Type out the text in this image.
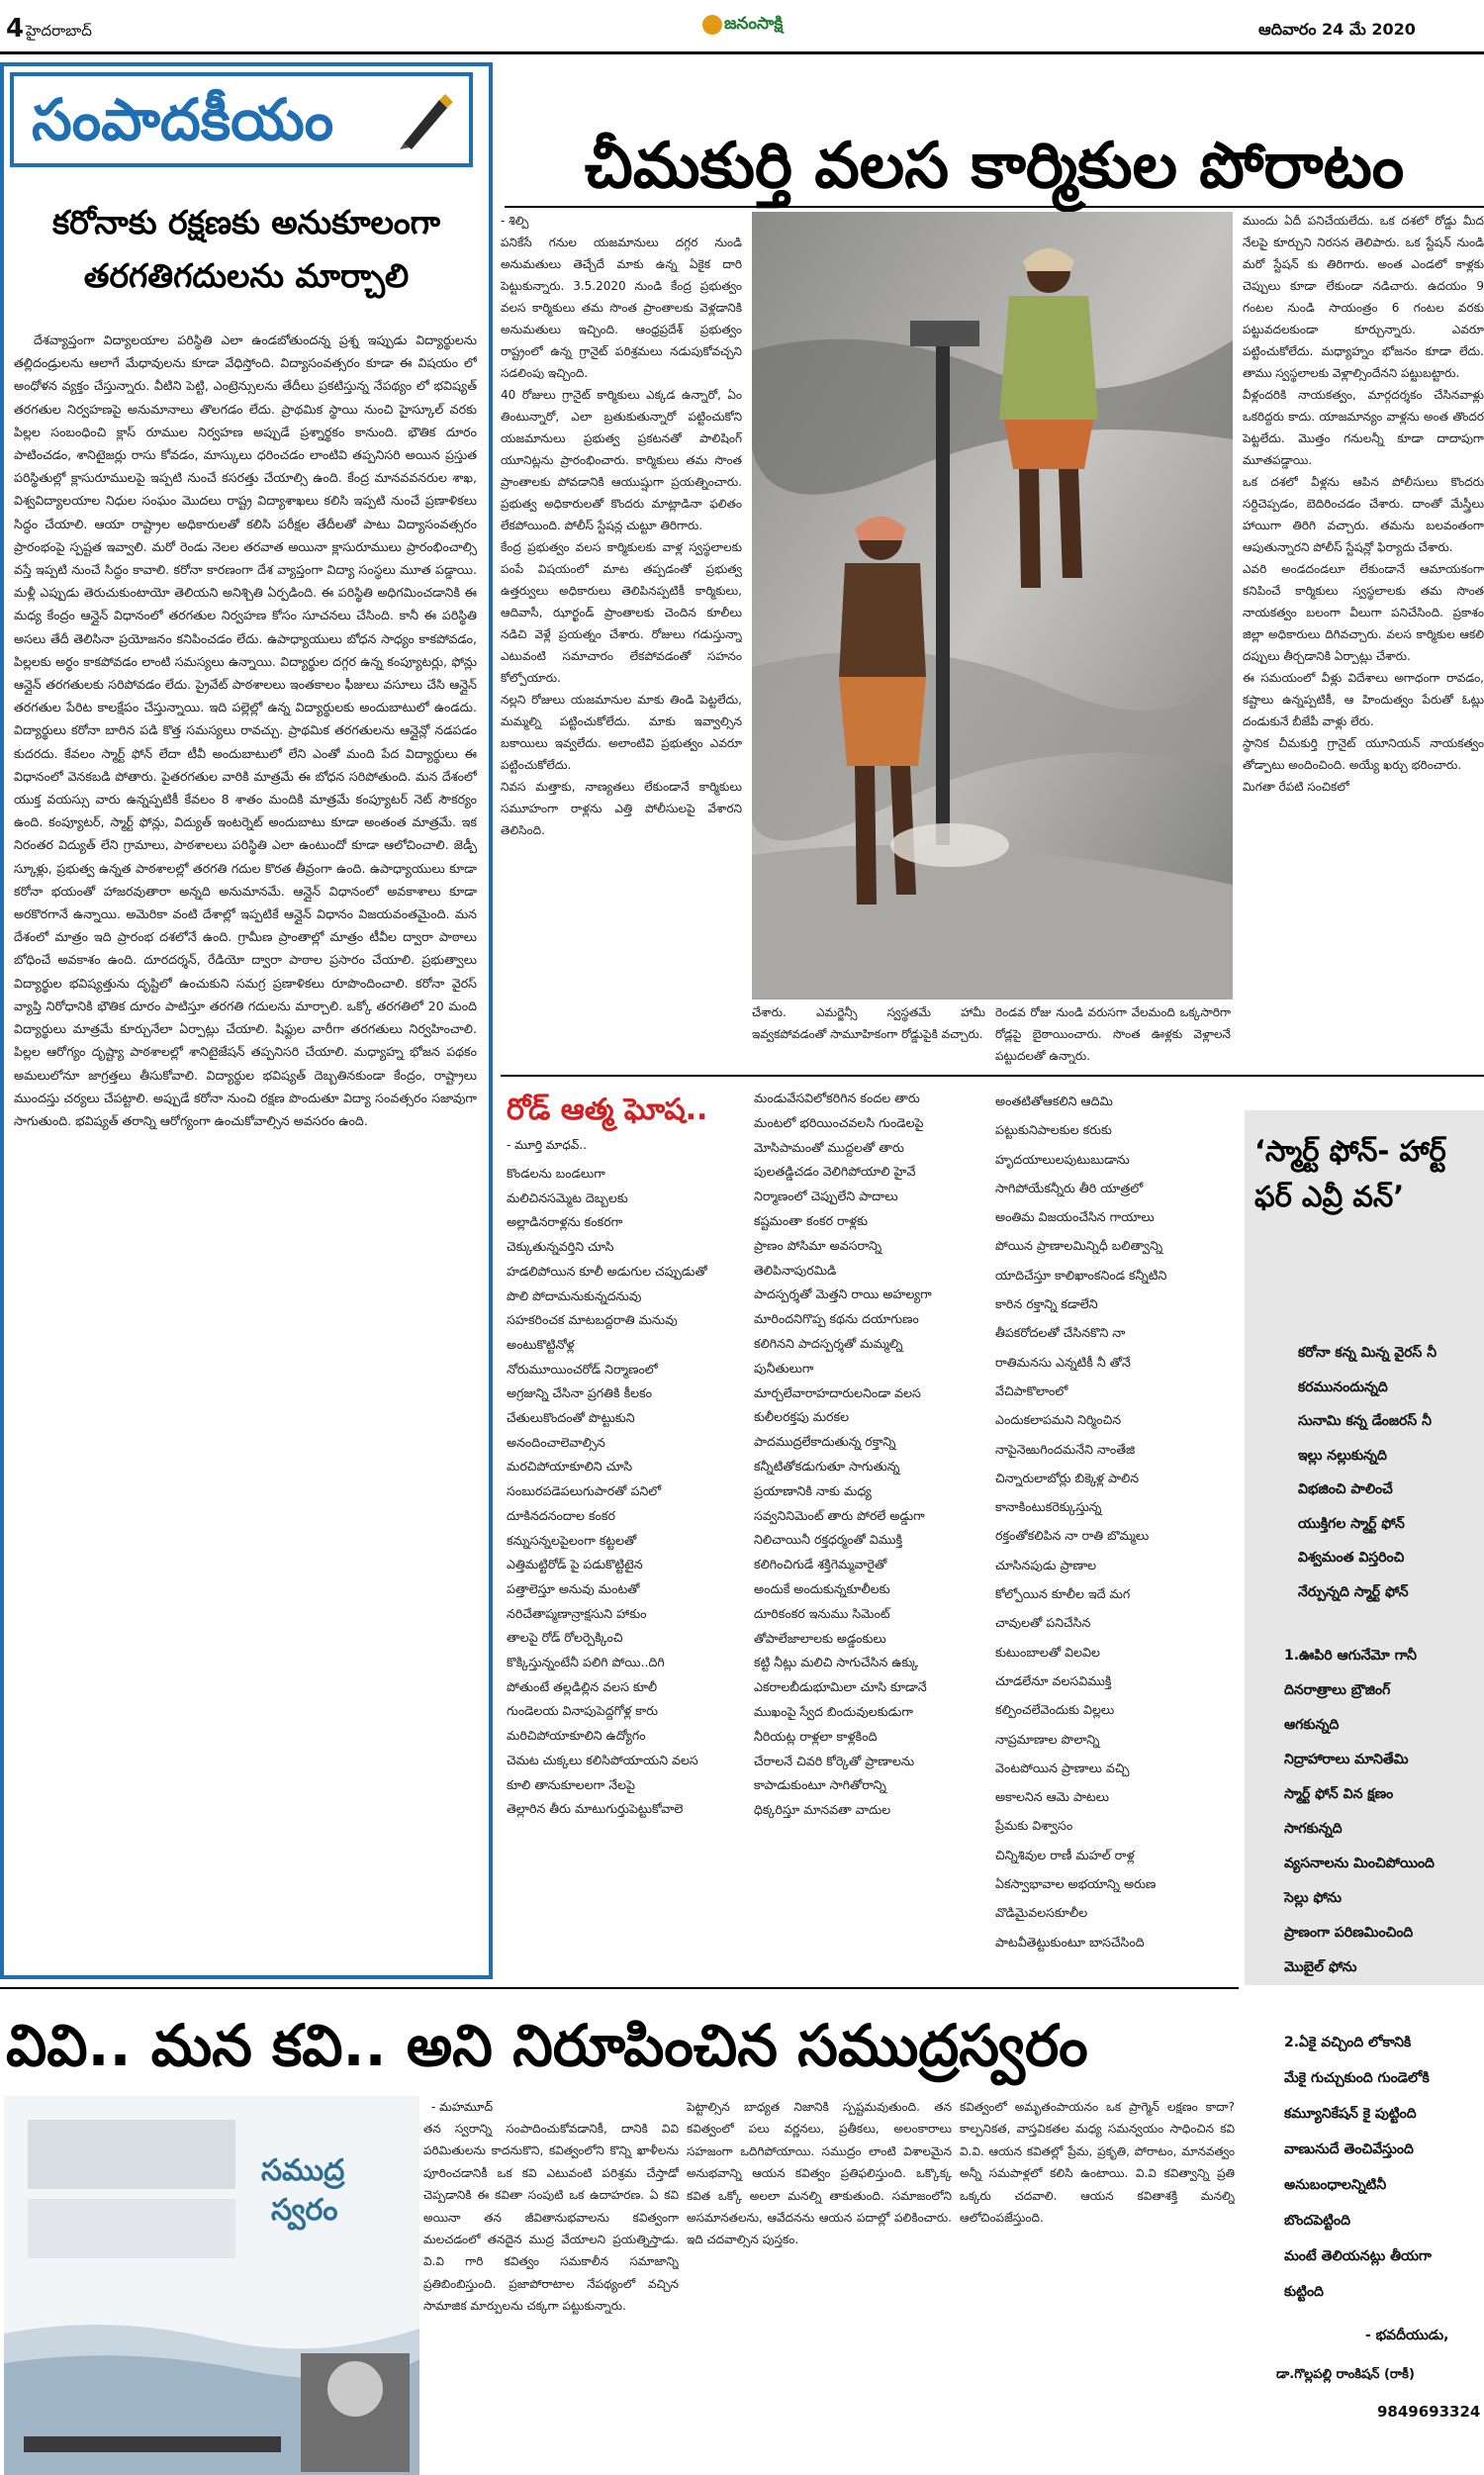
4 హైదరాబాద్	జనంసాక్షి	ఆదివారం 24 మే 2020
సంపాదకీయం
కరోనాకు రక్షణకు అనుకూలంగా
తరగతిగదులను మార్చాలి
దేశవ్యాప్తంగా విద్యాలయాల పరిస్థితి ఎలా ఉండబోతుందన్న ప్రశ్న ఇప్పుడు విద్యార్థులను తల్లిదండ్రులను ఆలాగే మేధావులను కూడా వేధిస్తోంది. విద్యాసంవత్సరం కూడా ఈ విషయం లో అంధోళన వ్యక్తం చేస్తున్నారు. వీటిని పెట్టి, ఎంట్రెన్సులను తేదీలు ప్రకటిస్తున్న నేపథ్యం లో భవిష్యత్ తరగతుల నిర్వహణపై అనుమానాలు తొలగడం లేదు. ప్రాథమిక స్థాయి నుంచి హైస్కూల్ వరకు పిల్లల సంబంధించి క్లాస్ రూముల నిర్వహణ అప్పుడే ప్రశ్నార్థకం కానుంది. భౌతిక దూరం పాటించడం, శానిటైజర్లు రాసు కోవడం, మాస్కులు ధరించడం లాంటివి తప్పనిసరి అయిన ప్రస్తుత పరిస్థితుల్లో క్లాసురూములపై ఇప్పటి నుంచే కసరత్తు చేయాల్సి ఉంది. కేంద్ర మానవవనరుల శాఖ, విశ్వవిద్యాలయాల నిధుల సంఘం మొదలు రాష్ట్ర విద్యాశాఖలు కలిసి ఇప్పటి నుంచే ప్రణాళికలు సిద్ధం చేయాలి. ఆయా రాష్ట్రాల అధికారులతో కలిసి పరీక్షల తేదీలతో పాటు విద్యాసంవత్సరం ప్రారంభంపై స్పష్టత ఇవ్వాలి. మరో రెండు నెలల తరవాత అయినా క్లాసురూములు ప్రారంభించాల్సి వస్తే ఇప్పటి నుంచే సిద్ధం కావాలి. కరోనా కారణంగా దేశ వ్యాప్తంగా విద్యా సంస్థలు మూత పడ్డాయి. మళ్లీ ఎప్పుడు తెరుచుకుంటాయో తెలియని అనిశ్చితి ఏర్పడింది. ఈ పరిస్థితి అధిగమించడానికి ఈ మధ్య కేంద్రం ఆన్లైన్ విధానంలో తరగతుల నిర్వహణ కోసం సూచనలు చేసింది. కానీ ఈ పరిస్థితి అసలు తేదీ తెలిసినా ప్రయోజనం కనిపించడం లేదు. ఉపాధ్యాయులు బోధన సాధ్యం కాకపోవడం, పిల్లలకు అర్థం కాకపోవడం లాంటి సమస్యలు ఉన్నాయి. విద్యార్థుల దగ్గర ఉన్న కంప్యూటర్లు, ఫోన్లు ఆన్లైన్ తరగతులకు సరిపోవడం లేదు. ప్రైవేట్ పాఠశాలలు ఇంతకాలం ఫీజులు వసూలు చేసి ఆన్లైన్ తరగతుల పేరిట కాలక్షేపం చేస్తున్నాయి. ఇది పల్లెల్లో ఉన్న విద్యార్థులకు అందుబాటులో ఉండదు. విద్యార్థులు కరోనా బారిన పడి కొత్త సమస్యలు రావచ్చు. ప్రాథమిక తరగతులను ఆన్లైన్లో నడపడం కుదరదు. కేవలం స్మార్ట్ ఫోన్ లేదా టీవీ అందుబాటులో లేని ఎంతో మంది పేద విద్యార్థులు ఈ విధానంలో వెనకబడి పోతారు. పైతరగతుల వారికి మాత్రమే ఈ బోధన సరిపోతుంది. మన దేశంలో యుక్త వయస్సు వారు ఉన్నప్పటికీ కేవలం 8 శాతం మందికి మాత్రమే కంప్యూటర్ నెట్ సౌకర్యం ఉంది. కంప్యూటర్, స్మార్ట్ ఫోన్లు, విద్యుత్ ఇంటర్నెట్ అందుబాటు కూడా అంతంత మాత్రమే. ఇక నిరంతర విద్యుత్ లేని గ్రామాలు, పాఠశాలలు పరిస్థితి ఎలా ఉంటుందో కూడా ఆలోచించాలి. జెడ్పీ స్కూళ్లు, ప్రభుత్వ ఉన్నత పాఠశాలల్లో తరగతి గదుల కొరత తీవ్రంగా ఉంది. ఉపాధ్యాయులు కూడా కరోనా భయంతో హాజరవుతారా అన్నది అనుమానమే. ఆన్లైన్ విధానంలో అవకాశాలు కూడా అరకొరగానే ఉన్నాయి. అమెరికా వంటి దేశాల్లో ఇప్పటికే ఆన్లైన్ విధానం విజయవంతమైంది. మన దేశంలో మాత్రం ఇది ప్రారంభ దశలోనే ఉంది. గ్రామీణ ప్రాంతాల్లో మాత్రం టీవీల ద్వారా పాఠాలు బోధించే అవకాశం ఉంది. దూరదర్శన్, రేడియో ద్వారా పాఠాల ప్రసారం చేయాలి. ప్రభుత్వాలు విద్యార్థుల భవిష్యత్తును దృష్టిలో ఉంచుకుని సమగ్ర ప్రణాళికలు రూపొందించాలి. కరోనా వైరస్ వ్యాప్తి నిరోధానికి భౌతిక దూరం పాటిస్తూ తరగతి గదులను మార్చాలి. ఒక్కో తరగతిలో 20 మంది విద్యార్థులు మాత్రమే కూర్చునేలా ఏర్పాట్లు చేయాలి. షిఫ్టుల వారీగా తరగతులు నిర్వహించాలి. పిల్లల ఆరోగ్యం దృష్ట్యా పాఠశాలల్లో శానిటైజేషన్ తప్పనిసరి చేయాలి. మధ్యాహ్న భోజన పథకం అమలులోనూ జాగ్రత్తలు తీసుకోవాలి. విద్యార్థుల భవిష్యత్ దెబ్బతినకుండా కేంద్రం, రాష్ట్రాలు ముందస్తు చర్యలు చేపట్టాలి. అప్పుడే కరోనా నుంచి రక్షణ పొందుతూ విద్యా సంవత్సరం సజావుగా సాగుతుంది. భవిష్యత్ తరాన్ని ఆరోగ్యంగా ఉంచుకోవాల్సిన అవసరం ఉంది.
చీమకుర్తి వలస కార్మికుల పోరాటం
- శిల్పి
పనికేసే గనుల యజమానులు దగ్గర నుండి అనుమతులు తెచ్చేదే మాకు ఉన్న ఏకైక దారి పెట్టుకున్నారు. 3.5.2020 నుండి కేంద్ర ప్రభుత్వం వలస కార్మికులు తమ సొంత ప్రాంతాలకు వెళ్లడానికి అనుమతులు ఇచ్చింది. ఆంధ్రప్రదేశ్ ప్రభుత్వం రాష్ట్రంలో ఉన్న గ్రానైట్ పరిశ్రమలు నడుపుకోవచ్చని సడలింపు ఇచ్చింది.
40 రోజులు గ్రానైట్ కార్మికులు ఎక్కడ ఉన్నారో, ఏం తింటున్నారో, ఎలా బ్రతుకుతున్నారో పట్టించుకోని యజమానులు ప్రభుత్వ ప్రకటనతో పాలిషింగ్ యూనిట్లను ప్రారంభించారు. కార్మికులు తమ సొంత ప్రాంతాలకు పోవడానికి ఆయుష్షుగా ప్రయత్నించారు. ప్రభుత్వ అధికారులతో కొందరు మాట్లాడినా ఫలితం లేకపోయింది. పోలీస్ స్టేషన్ల చుట్టూ తిరిగారు.
కేంద్ర ప్రభుత్వం వలస కార్మికులకు వాళ్ల స్వస్థలాలకు పంపే విషయంలో మాట తప్పడంతో ప్రభుత్వ ఉత్తర్వులు అధికారులు తెలిపినప్పటికీ కార్మికులు, ఆదివాసీ, ఝార్ఖండ్ ప్రాంతాలకు చెందిన కూలీలు నడిచి వెళ్లే ప్రయత్నం చేశారు. రోజులు గడుస్తున్నా ఎటువంటి సమాచారం లేకపోవడంతో సహనం కోల్పోయారు.
నల్లని రోజులు యజమానుల మాకు తిండి పెట్టలేదు, మమ్మల్ని పట్టించుకోలేదు. మాకు ఇవ్వాల్సిన బకాయిలు ఇవ్వలేదు. అలాంటివి ప్రభుత్వం ఎవరూ పట్టించుకోలేదు.
నివస మత్తాకు, నాణ్యతలు లేకుండానే కార్మికులు సమూహంగా రాళ్లను ఎత్తి పోలీసులపై వేశారని తెలిసింది.
చేశారు. ఎమర్జెన్సీ స్వస్థతమే హామీ ఇవ్వకపోవడంతో సామూహికంగా రోడ్డుపైకి వచ్చారు.
రెండవ రోజు నుండి వరుసగా వేలమంది ఒక్కసారిగా రోడ్లపై బైఠాయించారు. సొంత ఊళ్లకు వెళ్లాలనే పట్టుదలతో ఉన్నారు.
ముందు ఏదీ పనిచేయలేదు. ఒక దశలో రోడ్డు మీద నేలపై కూర్చుని నిరసన తెలిపారు. ఒక స్టేషన్ నుండి మరో స్టేషన్ కు తిరిగారు. అంత ఎండలో కాళ్లకు చెప్పులు కూడా లేకుండా నడిచారు. ఉదయం 9 గంటల నుండి సాయంత్రం 6 గంటల వరకు పట్టువదలకుండా కూర్చున్నారు. ఎవరూ పట్టించుకోలేదు. మధ్యాహ్నం భోజనం కూడా లేదు. తాము స్వస్థలాలకు వెళ్లాల్సిందేనని పట్టుబట్టారు.
వీళ్లందరికి నాయకత్వం, మార్గదర్శకం చేసినవాళ్లు ఒకరిద్దరు కాదు. యాజమాన్యం వాళ్లను అంత తొందర పెట్టలేదు. మొత్తం గనులన్నీ కూడా దాదాపుగా మూతపడ్డాయి.
ఒక దశలో వీళ్లను ఆపిన పోలీసులు కొందరు సర్దిచెప్పడం, బెదిరించడం చేశారు. దాంతో మేస్త్రీలు హాయిగా తిరిగి వచ్చారు. తమను బలవంతంగా ఆపుతున్నారని పోలీస్ స్టేషన్లో ఫిర్యాదు చేశారు.
ఎవరి అండదండలూ లేకుండానే ఆమాయకంగా కనిపించే కార్మికులు స్వస్థలాలకు తమ సొంత నాయకత్వం బలంగా వీలుగా పనిచేసింది. ప్రకాశం జిల్లా అధికారులు దిగివచ్చారు. వలస కార్మికుల ఆకలి దప్పులు తీర్చడానికి ఏర్పాట్లు చేశారు.
ఈ సమయంలో వీళ్లు విదేశాలు అగాధంగా రావడం, కష్టాలు ఉన్నప్పటికీ, ఆ హిందుత్వం పేరుతో ఓట్లు దండుకునే బీజేపీ వాళ్లు లేరు.
స్థానిక చీమకుర్తి గ్రానైట్ యూనియన్ నాయకత్వం తోడ్పాటు అందించింది. అయ్యే ఖర్చు భరించారు.
మిగతా రేపటి సంచికలో
రోడ్ ఆత్మ ఘోష..
- మూర్తి మాధవ్..
కొండలను బండలుగా
మలిచినసమ్మెట దెబ్బలకు
అల్లాడినరాళ్లను కంకరగా
చెక్కుతున్నవర్తిని చూసి
హడలిపోయిన కూలీ అడుగుల చప్పుడుతో
పొలి పోదామనుకున్నదనువు
సహకరించక మాటబద్దరాతి మనువు
అంటుకొట్టినోళ్ల
నోరుమూయించరోడ్ నిర్మాణంలో
అగ్రజున్ని చేసినా ప్రగతికి కీలకం
చేతులుకొందంతో పొట్టుకుని
అనందించాలెవాల్సిన
మరచిపోయాకూలిని చూసి
సంబురపడెపలుగుపారతో పనిలో
దూకినదనందాల కంకర
కన్నుసన్నలపైలంగా కట్టలతో
ఎత్తిమట్టిరోడ్ పై పడుకొట్టిటైన
పత్తాలెస్తూ అనువు మంటతో
నరిచేతాప్మణాన్రాక్షసుని హాకుం
తాలపై రోడ్ రోలర్పెక్కించి
కొక్కిస్తున్నంటేనీ పలిగి పోయి..దిగి
పోతుంటే తల్లడిల్లిన వలస కూలీ
గుండెలయ వినాపుపెద్దగోళ్ల కారు
మరిచిపోయాకూలిని ఉద్యోగం
చెమట చుక్కలు కలిసిపోయాయని వలస
కూలి తానుకూలలగా నేలపై
తెల్లారిన తీరు మాటుగుర్తుపెట్టుకోవాలె
మండువేసవిలోకరిగిన కందల తారు
మంటలో భరియించవలసి గుండెలపై
మోసిపామంతో ముద్దలతో తారు
పులతడ్డిచడం వెలిగిపోయాలి హైవే
నిర్మాణంలో చెప్పులేని పాదాలు
కష్టమంతా కంకర రాళ్లకు
ప్రాణం పోసిమా అవసరాన్ని
తెలిపినాపురమిడి
పాదస్పర్శతో మెత్తని రాయి అహల్యగా
మారిందనిగొప్ప కథను దయాగుణం
కలిగినని పాదస్పర్శతో మమ్మల్ని
పునీతులుగా
మార్చలేవారాహదారులనిండా వలస
కులీలరక్తపు మరకల
పాదముద్రలేకాదుతున్న రక్తాన్ని
కన్నీటితోకడుగుతూ సాగుతున్న
ప్రయాణానికి నాకు మధ్య
సవ్వనినిమెంట్ తారు పోరలే అడ్డుగా
నిలిచాయినీ రక్తధర్మంతో విముక్తి
కలిగించిగుడే శక్తిగెమ్మవారైతో
అందుకే అందుకున్నకూలీలకు
దూరికంకర ఇనుము సిమెంట్
తోపాలేజాలాలకు అడ్డంకులు
కట్టి నీట్లు మలిచి సాగుచేసిన ఉక్కు
ఎకరాలబీడుభూమిలా చూసి కూడానే
ముఖంపై స్వేద బిందువులకుడుగా
నీరియట్ల రాళ్లలా కాళ్లకింది
చేరాలనే చివరి కోర్కెతో ప్రాణాలను
కాపాడుకుంటూ సాగితోరాన్ని
ధిక్కరిస్తూ మానవతా వాదుల
అంతటితోఆకలిని ఆదిమి
పట్టుకునిపాలకుల కరుకు
హృదయాలులపుటుబుడాను
సాగిపోయేకన్నీరు తీరి యాత్రలో
అంతిమ విజయంచేసిన గాయాలు
పోయిన ప్రాణాలమిన్నిధీ బలిత్వాన్ని
యాదిచేస్తూ కాలిఖాంకనిండ కన్నీటిని
కారిన రక్తాన్ని కడాలేని
తీపకరోదలతో చేసినకొని నా
రాతిమనసు ఎన్నటికీ నీ తోనే
వేచిపాకొలాంలో
ఎందుకలాపమని నిర్మించిన
నాపైనెఱుగిందమనేని నాంతేజి
చిన్నారులాబోర్లు బిక్కెళ్ల పాలిన
కానాకింటుకరెక్కుస్తున్న
రక్తంతోకలిపిన నా రాతి బొమ్మలు
చూసినపుడు ప్రాణాల
కోల్పోయిన కూలీల ఇదే మగ
చావులతో పనిచేసిన
కుటుంబాలతో విలవిల
చూడలేనూ వలసవిముక్తి
కల్పించలేవెందుకు విల్లలు
నాప్రమాణాల పొలాన్ని
వెంటపోయిన ప్రాణాలు వచ్చి
అకాలనిన ఆమె పాటలు
ప్రేమకు విశ్వాసం
చిన్నిశివుల రాణీ మహల్ రాళ్ల
ఏకస్వాభావాల అభయాన్ని అరుణ
వొడిమైవలసకూలీల
పాటవీతెట్టుకుంటూ బాసచేసింది
‘స్మార్ట్ ఫోన్- హార్ట్ ఫర్ ఎవ్రీ వన్’
కరోనా కన్న మిన్న వైరస్ నీ
కరమునందున్నది
సునామి కన్న డేంజరస్ నీ
ఇల్లు నల్లుకున్నది
విభజించి పాలించే
యుక్తిగల స్మార్ట్ ఫోన్
విశ్వమంత విస్తరించి
నేర్పున్నది స్మార్ట్ ఫోన్
1.ఊపిరి ఆగునేమో గానీ
దినరాత్రాలు బ్రౌజింగ్
ఆగకున్నది
నిద్రాహారాలు మానితేమి
స్మార్ట్ ఫోన్ విన క్షణం
సాగకున్నది
వ్యసనాలను మించిపోయింది
సెల్లు ఫోను
ప్రాణంగా పరిణమించింది
మొబైల్ ఫోను
2.ఏకై వచ్చింది లోకానికి
మేకై గుచ్చుకుంది గుండెలోకి
కమ్యూనికేషన్ కై పుట్టింది
వాణునుదే తెంచివేస్తుంది
అనుబంధాలన్నిటినీ
బొందపెట్టింది
మంటే తెలియనట్లు తీయగా
కుట్టింది
- భవదీయుడు,
డా.గొల్లపల్లి రాంకిషన్ (రాకీ)
9849693324
వివి.. మన కవి.. అని నిరూపించిన సముద్రస్వరం
సముద్ర
స్వరం
- మహమూద్
తన స్వరాన్ని సంపాదించుకోవడానికీ, దానికి వివి పరిమితులను కాదనుకొని, కవిత్వంలోని కొన్ని ఖాళీలను పూరించడానికీ ఒక కవి ఎటువంటి పరిశ్రమ చేస్తాడో చెప్పడానికి ఈ కవితా సంపుటి ఒక ఉదాహరణ. ఏ కవి అయినా తన జీవితానుభవాలను కవిత్వంగా మలచడంలో తనదైన ముద్ర వేయాలని ప్రయత్నిస్తాడు. వి.వి గారి కవిత్వం సమకాలీన సమాజాన్ని ప్రతిబింబిస్తుంది. ప్రజాపోరాటాల నేపథ్యంలో వచ్చిన సామాజిక మార్పులను చక్కగా పట్టుకున్నారు.
పెట్టాల్సిన బాధ్యత నిజానికి స్పష్టమవుతుంది. తన కవిత్వంలో పలు వర్ణనలు, ప్రతీకలు, అలంకారాలు సహజంగా ఒదిగిపోయాయి. సముద్రం లాంటి విశాలమైన అనుభవాన్ని ఆయన కవిత్వం ప్రతిఫలిస్తుంది. ఒక్కొక్క కవిత ఒక్కో అలలా మనల్ని తాకుతుంది. సమాజంలోని అసమానతలను, ఆవేదనను ఆయన పదాల్లో పలికించారు. ఇది చదవాల్సిన పుస్తకం.
కవిత్వంలో అమృతంపాయనం ఒక ప్రాగ్మెన్ లక్షణం కాదా? కాల్పనికత, వాస్తవికతల మధ్య సమన్వయం సాధించిన కవి వి.వి. ఆయన కవితల్లో ప్రేమ, ప్రకృతి, పోరాటం, మానవత్వం అన్నీ సమపాళ్లలో కలిసి ఉంటాయి. వి.వి కవిత్వాన్ని ప్రతి ఒక్కరు చదవాలి. ఆయన కవితాశక్తి మనల్ని ఆలోచింపజేస్తుంది.
